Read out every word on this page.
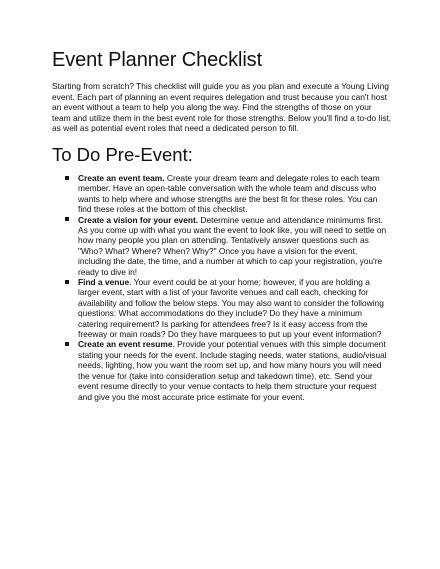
Event Planner Checklist

Starting from scratch? This checklist will guide you as you plan and execute a Young Living event. Each part of planning an event requires delegation and trust because you can't host an event without a team to help you along the way. Find the strengths of those on your team and utilize them in the best event role for those strengths. Below you'll find a to-do list, as well as potential event roles that need a dedicated person to fill.

To Do Pre-Event:
Create an event team. Create your dream team and delegate roles to each team member. Have an open-table conversation with the whole team and discuss who wants to help where and whose strengths are the best fit for these roles. You can find these roles at the bottom of this checklist.
Create a vision for your event. Determine venue and attendance minimums first. As you come up with what you want the event to look like, you will need to settle on how many people you plan on attending. Tentatively answer questions such as "Who? What? Where? When? Why?" Once you have a vision for the event, including the date, the time, and a number at which to cap your registration, you're ready to dive in!
Find a venue. Your event could be at your home; however, if you are holding a larger event, start with a list of your favorite venues and call each, checking for availability and follow the below steps. You may also want to consider the following questions: What accommodations do they include? Do they have a minimum catering requirement? Is parking for attendees free? Is it easy access from the freeway or main roads? Do they have marquees to put up your event information?
Create an event resume. Provide your potential venues with this simple document stating your needs for the event. Include staging needs, water stations, audio/visual needs, lighting, how you want the room set up, and how many hours you will need the venue for (take into consideration setup and takedown time), etc. Send your event resume directly to your venue contacts to help them structure your request and give you the most accurate price estimate for your event.
